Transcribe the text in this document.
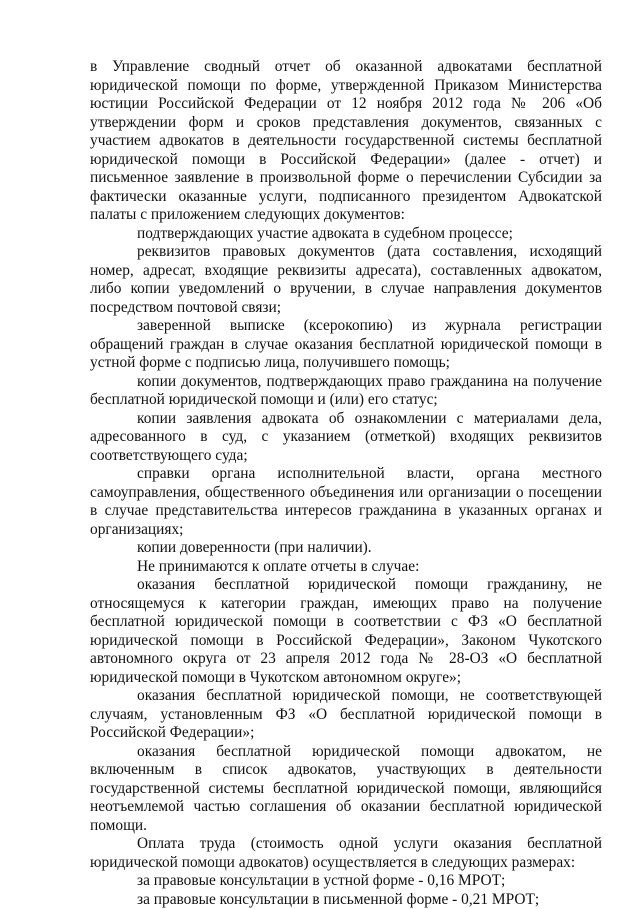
в Управление сводный отчет об оказанной адвокатами бесплатной юридической помощи по форме, утвержденной Приказом Министерства юстиции Российской Федерации от 12 ноября 2012 года № 206 «Об утверждении форм и сроков представления документов, связанных с участием адвокатов в деятельности государственной системы бесплатной юридической помощи в Российской Федерации» (далее - отчет) и письменное заявление в произвольной форме о перечислении Субсидии за фактически оказанные услуги, подписанного президентом Адвокатской палаты с приложением следующих документов:

подтверждающих участие адвоката в судебном процессе;

реквизитов правовых документов (дата составления, исходящий номер, адресат, входящие реквизиты адресата), составленных адвокатом, либо копии уведомлений о вручении, в случае направления документов посредством почтовой связи;

заверенной выписке (ксерокопию) из журнала регистрации обращений граждан в случае оказания бесплатной юридической помощи в устной форме с подписью лица, получившего помощь;

копии документов, подтверждающих право гражданина на получение бесплатной юридической помощи и (или) его статус;

копии заявления адвоката об ознакомлении с материалами дела, адресованного в суд, с указанием (отметкой) входящих реквизитов соответствующего суда;

справки органа исполнительной власти, органа местного самоуправления, общественного объединения или организации о посещении в случае представительства интересов гражданина в указанных органах и организациях;

копии доверенности (при наличии).

Не принимаются к оплате отчеты в случае:

оказания бесплатной юридической помощи гражданину, не относящемуся к категории граждан, имеющих право на получение бесплатной юридической помощи в соответствии с ФЗ «О бесплатной юридической помощи в Российской Федерации», Законом Чукотского автономного округа от 23 апреля 2012 года № 28-ОЗ «О бесплатной юридической помощи в Чукотском автономном округе»;

оказания бесплатной юридической помощи, не соответствующей случаям, установленным ФЗ «О бесплатной юридической помощи в Российской Федерации»;

оказания бесплатной юридической помощи адвокатом, не включенным в список адвокатов, участвующих в деятельности государственной системы бесплатной юридической помощи, являющийся неотъемлемой частью соглашения об оказании бесплатной юридической помощи.

Оплата труда (стоимость одной услуги оказания бесплатной юридической помощи адвокатов) осуществляется в следующих размерах:

за правовые консультации в устной форме - 0,16 МРОТ;

за правовые консультации в письменной форме - 0,21 МРОТ;
